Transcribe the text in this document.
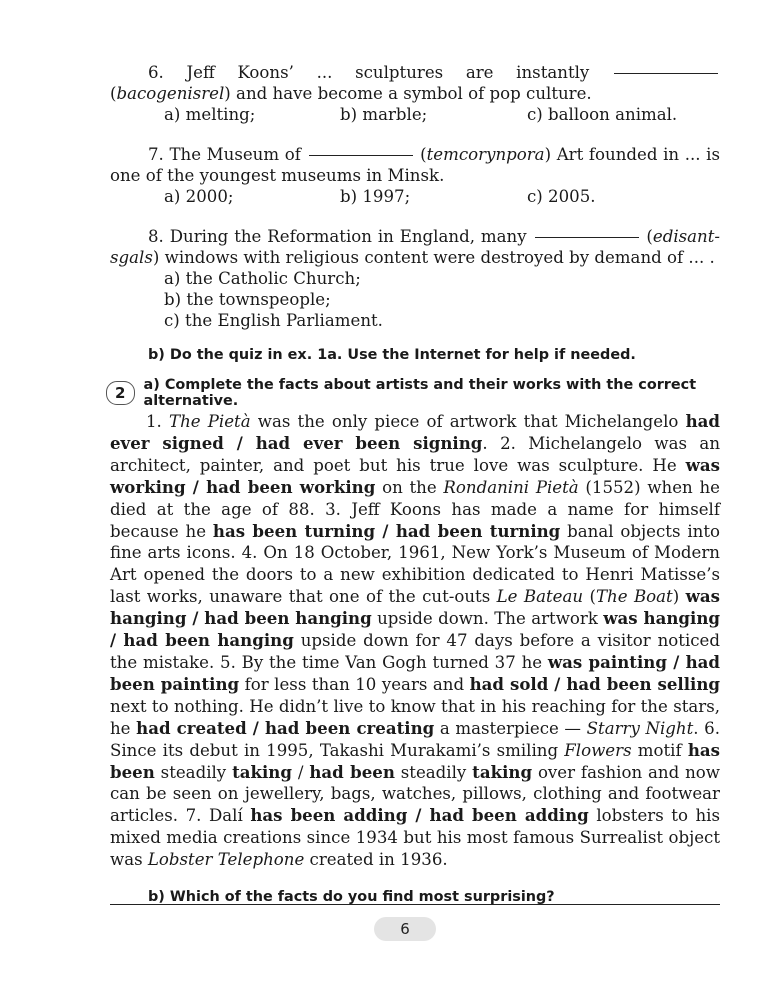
6. Jeff Koons’ ... sculptures are instantly  (bacogenisrel) and have become a symbol of pop culture.

a) melting;	b) marble;	c) balloon animal.

7. The Museum of	(temcorynpora) Art founded in ... is one of the youngest museums in Minsk.

a) 2000;	b) 1997;	c) 2005.

8. During the Reformation in England, many	(edisant-sgals) windows with religious content were destroyed by demand of ... .

a) the Catholic Church;
b) the townspeople;
c) the English Parliament.
b) Do the quiz in ex. 1a. Use the Internet for help if needed.
2	a) Complete the facts about artists and their works with the correct alternative.

1. The Pietà was the only piece of artwork that Michelangelo had ever signed / had ever been signing. 2. Michelangelo was an architect, painter, and poet but his true love was sculpture. He was working / had been working on the Rondanini Pietà (1552) when he died at the age of 88. 3. Jeff Koons has made a name for himself because he has been turning / had been turning banal objects into fine arts icons. 4. On 18 October, 1961, New York’s Museum of Modern Art opened the doors to a new exhibition dedicated to Henri Matisse’s last works, unaware that one of the cut-outs Le Bateau (The Boat) was hanging / had been hanging upside down. The artwork was hanging / had been hanging upside down for 47 days before a visitor noticed the mistake. 5. By the time Van Gogh turned 37 he was painting / had been painting for less than 10 years and had sold / had been selling next to nothing. He didn’t live to know that in his reaching for the stars, he had created / had been creating a masterpiece — Starry Night. 6. Since its debut in 1995, Takashi Murakami’s smiling Flowers motif has been steadily taking / had been steadily taking over fashion and now can be seen on jewellery, bags, watches, pillows, clothing and footwear articles. 7. Dalí has been adding / had been adding lobsters to his mixed media creations since 1934 but his most famous Surrealist object was Lobster Telephone created in 1936.

b) Which of the facts do you find most surprising?
6
